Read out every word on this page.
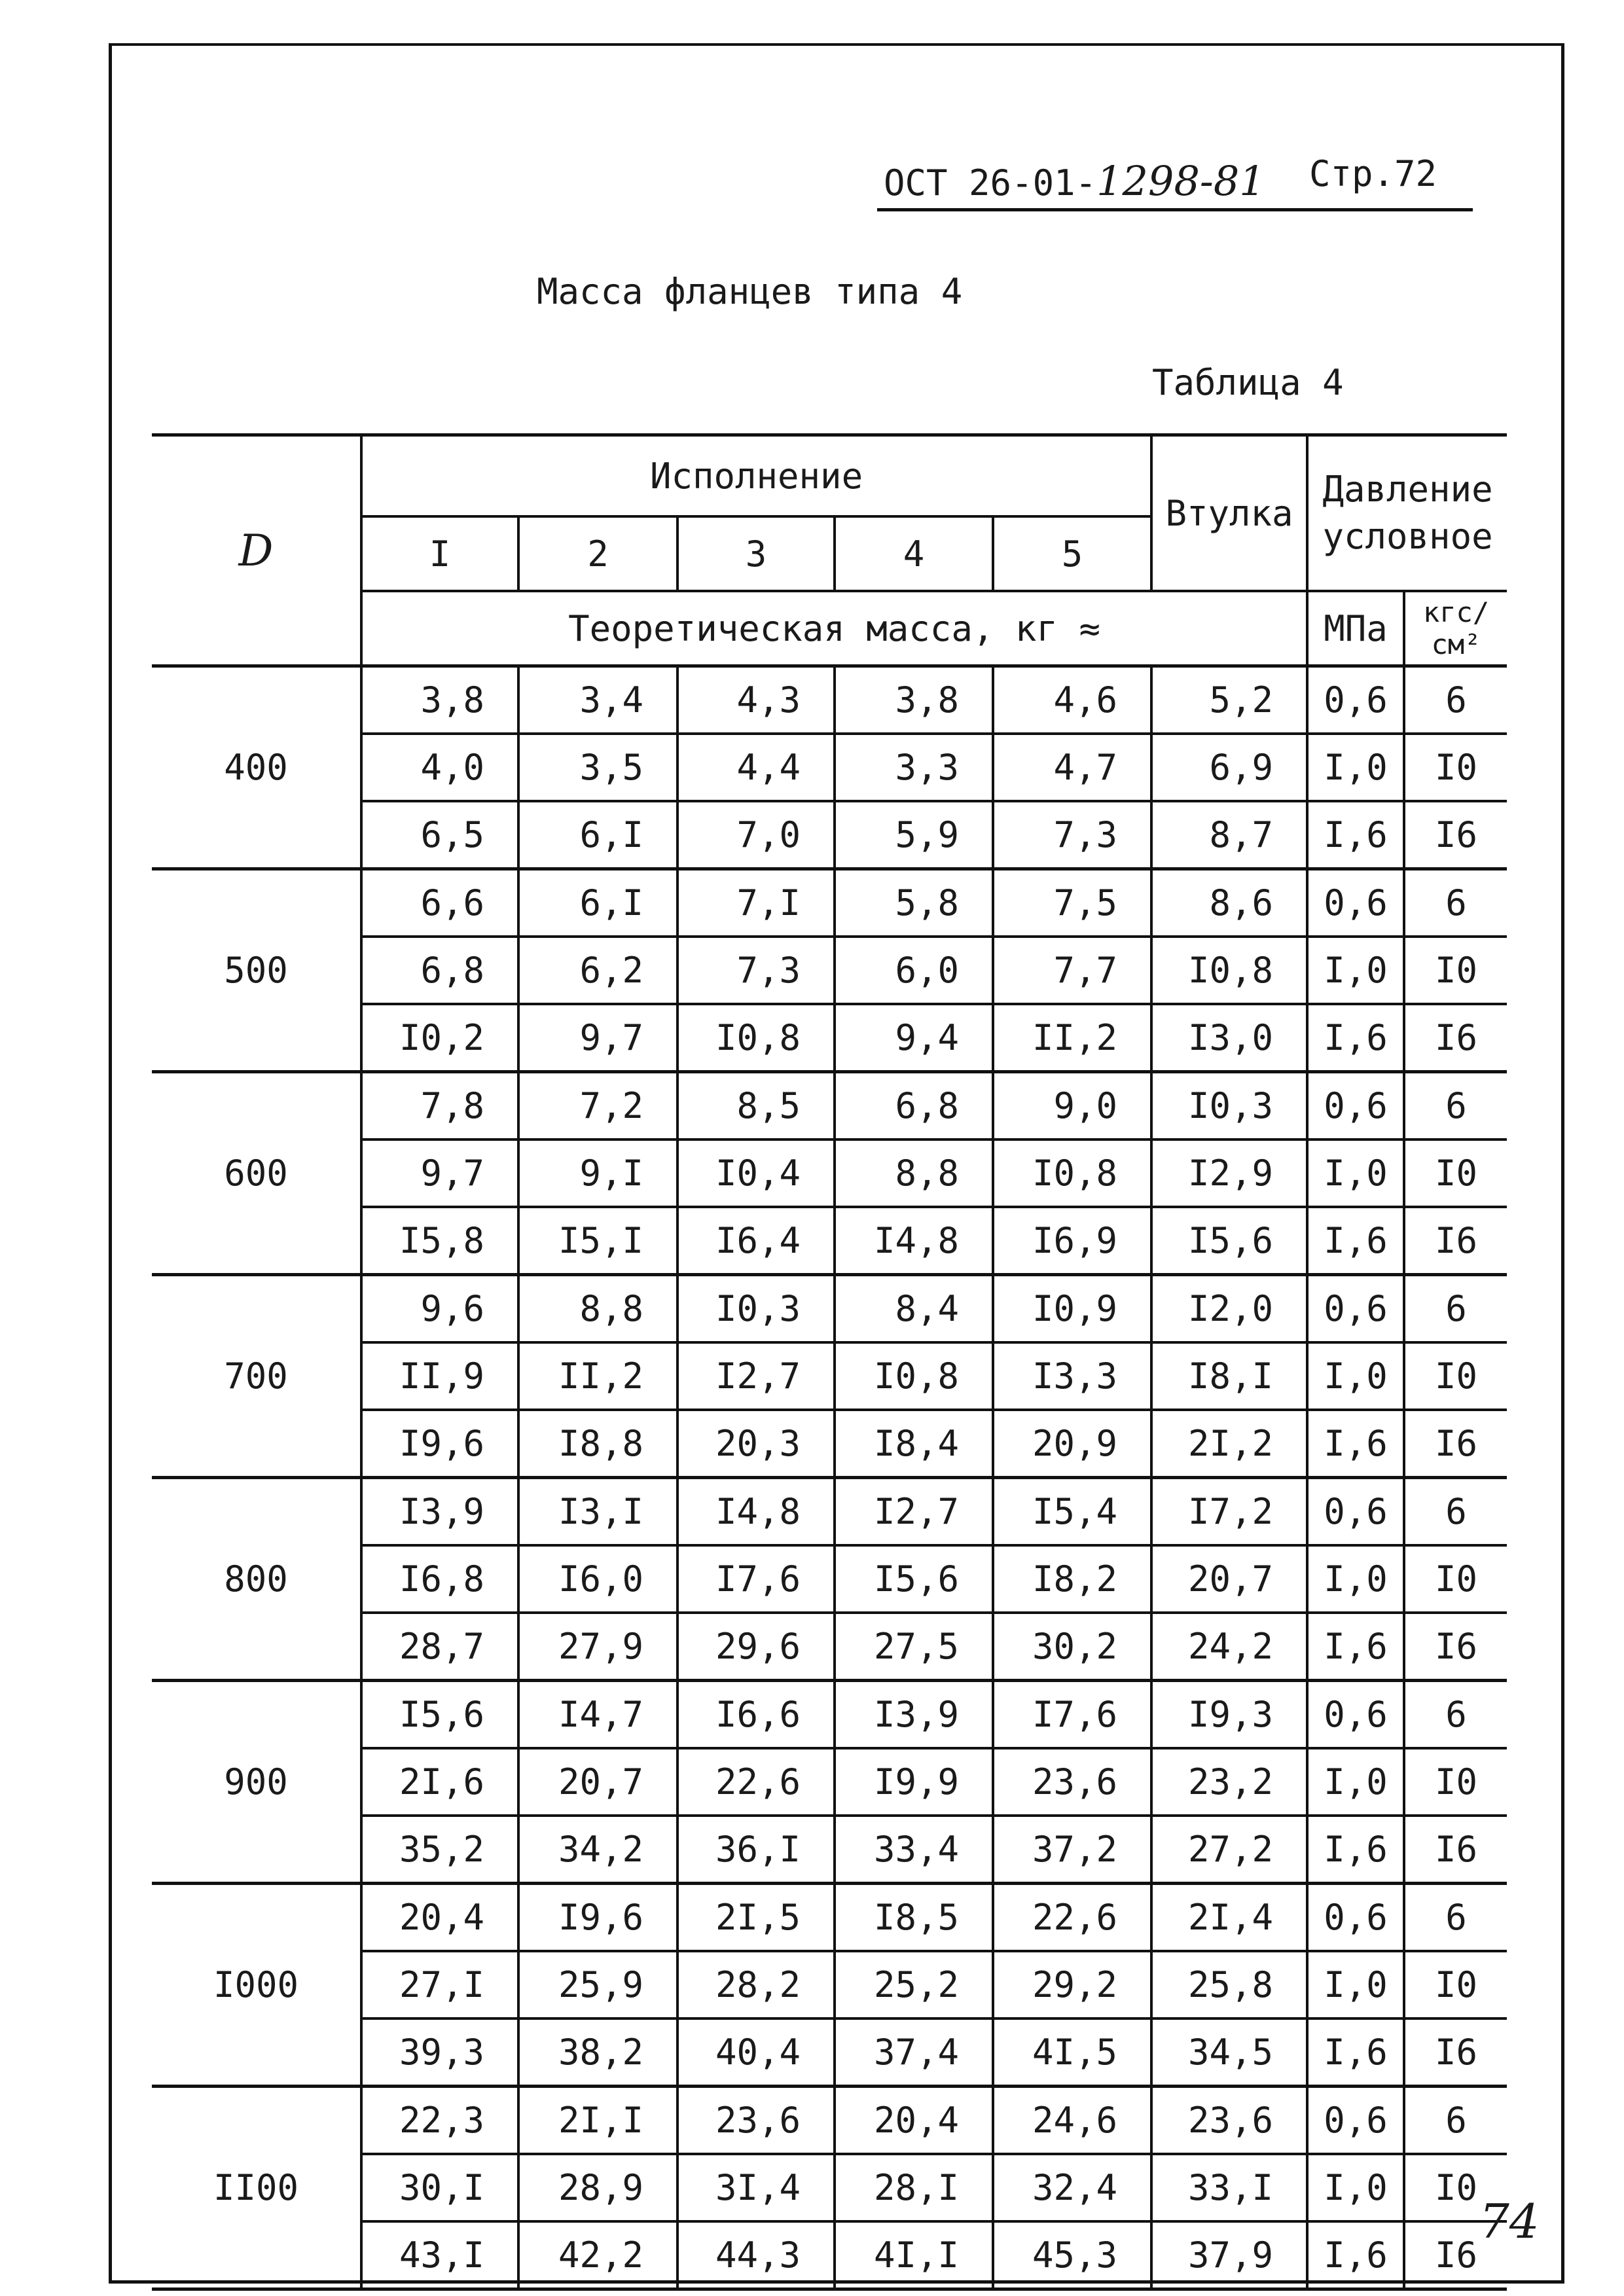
ОСТ 26-01-1298-81 Стр.72
Масса фланцев типа 4
Таблица 4
D	Исполнение					Втулка	Давление условное	
	I	2	3	4	5			
	Теоретическая масса, кг ≈						МПа	кгс/см²
400	3,8	3,4	4,3	3,8	4,6	5,2	0,6	6
	4,0	3,5	4,4	3,3	4,7	6,9	I,0	I0
	6,5	6,I	7,0	5,9	7,3	8,7	I,6	I6
500	6,6	6,I	7,I	5,8	7,5	8,6	0,6	6
	6,8	6,2	7,3	6,0	7,7	I0,8	I,0	I0
	I0,2	9,7	I0,8	9,4	II,2	I3,0	I,6	I6
600	7,8	7,2	8,5	6,8	9,0	I0,3	0,6	6
	9,7	9,I	I0,4	8,8	I0,8	I2,9	I,0	I0
	I5,8	I5,I	I6,4	I4,8	I6,9	I5,6	I,6	I6
700	9,6	8,8	I0,3	8,4	I0,9	I2,0	0,6	6
	II,9	II,2	I2,7	I0,8	I3,3	I8,I	I,0	I0
	I9,6	I8,8	20,3	I8,4	20,9	2I,2	I,6	I6
800	I3,9	I3,I	I4,8	I2,7	I5,4	I7,2	0,6	6
	I6,8	I6,0	I7,6	I5,6	I8,2	20,7	I,0	I0
	28,7	27,9	29,6	27,5	30,2	24,2	I,6	I6
900	I5,6	I4,7	I6,6	I3,9	I7,6	I9,3	0,6	6
	2I,6	20,7	22,6	I9,9	23,6	23,2	I,0	I0
	35,2	34,2	36,I	33,4	37,2	27,2	I,6	I6
I000	20,4	I9,6	2I,5	I8,5	22,6	2I,4	0,6	6
	27,I	25,9	28,2	25,2	29,2	25,8	I,0	I0
	39,3	38,2	40,4	37,4	4I,5	34,5	I,6	I6
II00	22,3	2I,I	23,6	20,4	24,6	23,6	0,6	6
	30,I	28,9	3I,4	28,I	32,4	33,I	I,0	I0
	43,I	42,2	44,3	4I,I	45,3	37,9	I,6	I6
74
